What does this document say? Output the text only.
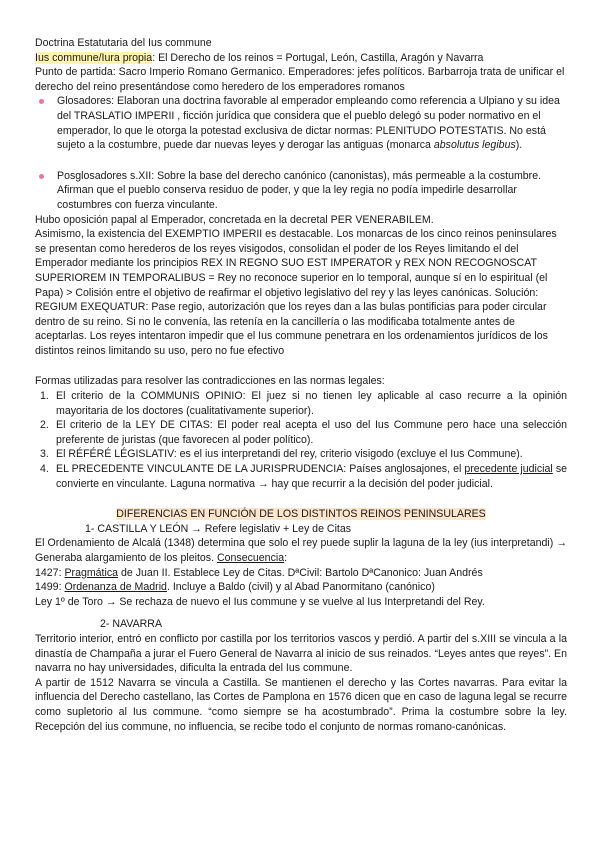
Doctrina Estatutaria del Ius commune

Ius commune/Iura propia: El Derecho de los reinos = Portugal, León, Castilla, Aragón y Navarra

Punto de partida: Sacro Imperio Romano Germanico. Emperadores: jefes políticos. Barbarroja trata de unificar el derecho del reino presentándose como heredero de los emperadores romanos

Glosadores: Elaboran una doctrina favorable al emperador empleando como referencia a Ulpiano y su idea del TRASLATIO IMPERII , ficción jurídica que considera que el pueblo delegó su poder normativo en el emperador, lo que le otorga la potestad exclusiva de dictar normas: PLENITUDO POTESTATIS. No está sujeto a la costumbre, puede dar nuevas leyes y derogar las antiguas (monarca absolutus legibus).
Posglosadores s.XII: Sobre la base del derecho canónico (canonistas), más permeable a la costumbre. Afirman que el pueblo conserva residuo de poder, y que la ley regia no podía impedirle desarrollar costumbres con fuerza vinculante.

Hubo oposición papal al Emperador, concretada en la decretal PER VENERABILEM.

Asimismo, la existencia del EXEMPTIO IMPERII es destacable. Los monarcas de los cinco reinos peninsulares se presentan como herederos de los reyes visigodos, consolidan el poder de los Reyes limitando el del Emperador mediante los principios REX IN REGNO SUO EST IMPERATOR y REX NON RECOGNOSCAT SUPERIOREM IN TEMPORALIBUS = Rey no reconoce superior en lo temporal, aunque sí en lo espiritual (el Papa) > Colisión entre el objetivo de reafirmar el objetivo legislativo del rey y las leyes canónicas. Solución: REGIUM EXEQUATUR: Pase regio, autorización que los reyes dan a las bulas pontificias para poder circular dentro de su reino. Si no le convenía, las retenía en la cancillería o las modificaba totalmente antes de aceptarlas. Los reyes intentaron impedir que el Ius commune penetrara en los ordenamientos jurídicos de los distintos reinos limitando su uso, pero no fue efectivo

Formas utilizadas para resolver las contradicciones en las normas legales:

1. El criterio de la COMMUNIS OPINIO: El juez si no tienen ley aplicable al caso recurre a la opinión mayoritaria de los doctores (cualitativamente superior).
2. El criterio de la LEY DE CITAS: El poder real acepta el uso del Ius Commune pero hace una selección preferente de juristas (que favorecen al poder político).
3. El RÉFÉRÉ LÉGISLATIV: es el ius interpretandi del rey, criterio visigodo (excluye el Ius Commune).
4. EL PRECEDENTE VINCULANTE DE LA JURISPRUDENCIA: Países anglosajones, el precedente judicial se convierte en vinculante. Laguna normativa → hay que recurrir a la decisión del poder judicial.

DIFERENCIAS EN FUNCIÓN DE LOS DISTINTOS REINOS PENINSULARES

1- CASTILLA Y LEÓN → Refere legislativ + Ley de Citas

El Ordenamiento de Alcalá (1348) determina que solo el rey puede suplir la laguna de la ley (ius interpretandi) → Generaba alargamiento de los pleitos. Consecuencia:

1427: Pragmática de Juan II. Establece Ley de Citas. DªCivil: Bartolo DªCanonico: Juan Andrés

1499: Ordenanza de Madrid. Incluye a Baldo (civil) y al Abad Panormitano (canónico)

Ley 1º de Toro → Se rechaza de nuevo el Ius commune y se vuelve al Ius Interpretandi del Rey.

2- NAVARRA

Territorio interior, entró en conflicto por castilla por los territorios vascos y perdió. A partir del s.XIII se vincula a la dinastía de Champaña a jurar el Fuero General de Navarra al inicio de sus reinados. “Leyes antes que reyes”. En navarra no hay universidades, dificulta la entrada del Ius commune.

A partir de 1512 Navarra se vincula a Castilla. Se mantienen el derecho y las Cortes navarras. Para evitar la influencia del Derecho castellano, las Cortes de Pamplona en 1576 dicen que en caso de laguna legal se recurre como supletorio al Ius commune. “como siempre se ha acostumbrado”. Prima la costumbre sobre la ley. Recepción del ius commune, no influencia, se recibe todo el conjunto de normas romano-canónicas.
